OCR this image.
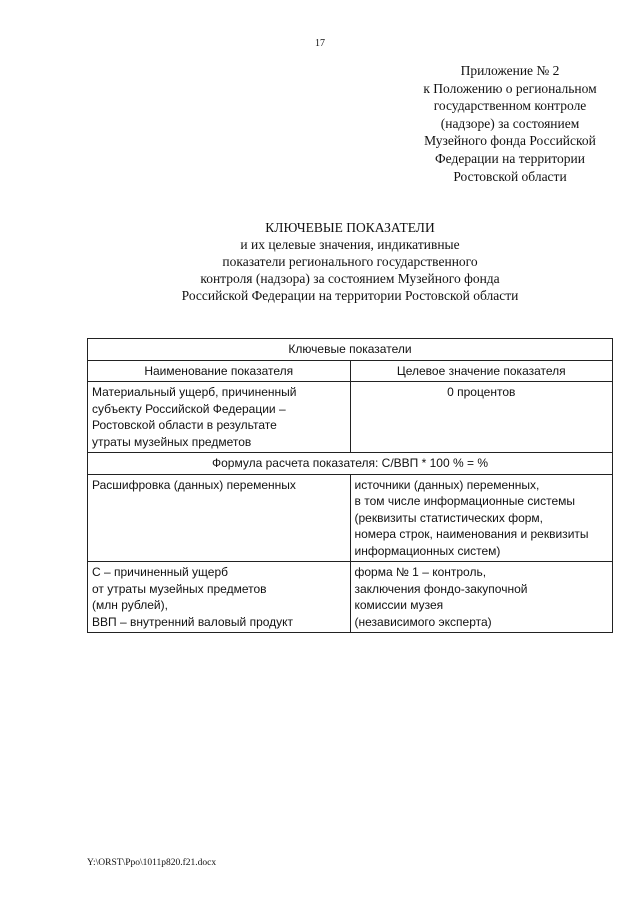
17
Приложение № 2
к Положению о региональном
государственном контроле
(надзоре) за состоянием
Музейного фонда Российской
Федерации на территории
Ростовской области
КЛЮЧЕВЫЕ ПОКАЗАТЕЛИ
и их целевые значения, индикативные
показатели регионального государственного
контроля (надзора) за состоянием Музейного фонда
Российской Федерации на территории Ростовской области
Ключевые показатели	
Наименование показателя	Целевое значение показателя

Материальный ущерб, причиненный
субъекту Российской Федерации –
Ростовской области в результате
утраты музейных предметов	0 процентов
Формула расчета показателя: С/ВВП * 100 % = %	
Расшифровка (данных) переменных	источники (данных) переменных,
в том числе информационные системы
(реквизиты статистических форм,
номера строк, наименования и реквизиты
информационных систем)

С – причиненный ущерб
от утраты музейных предметов
(млн рублей),
ВВП – внутренний валовый продукт	форма № 1 – контроль,
заключения фондо-закупочной
комиссии музея
(независимого эксперта)
Y:\ORST\Ppo\1011p820.f21.docx
